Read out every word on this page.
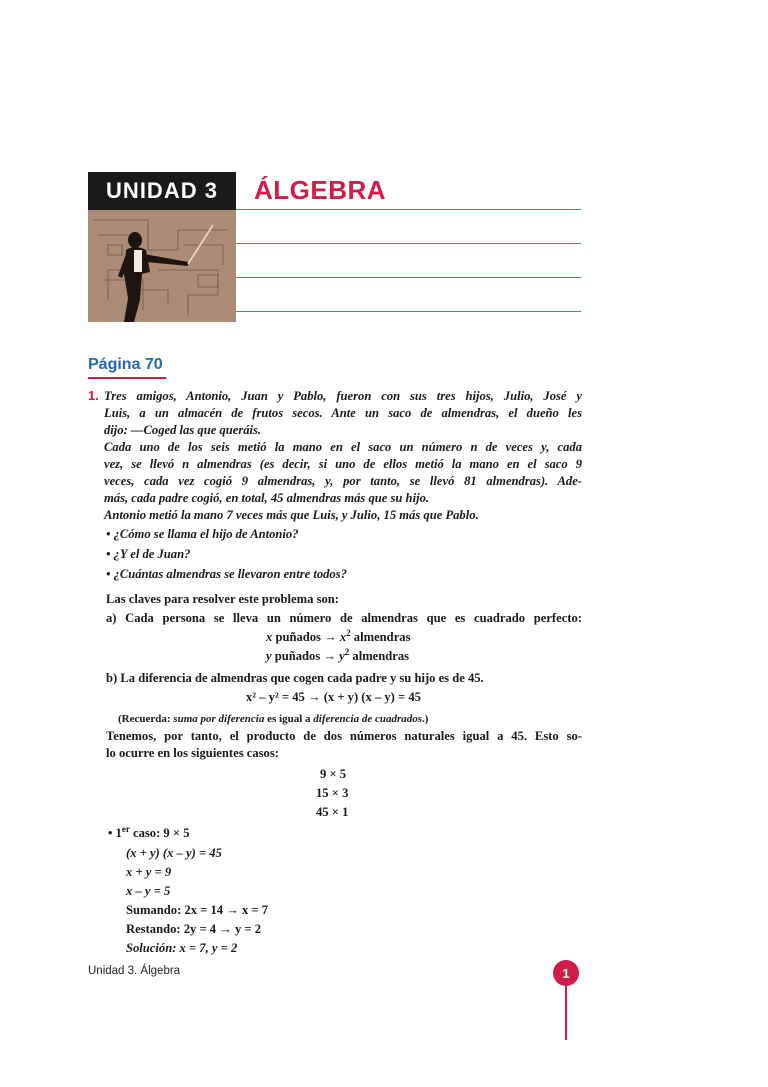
UNIDAD 3 ÁLGEBRA
Página 70
1. Tres amigos, Antonio, Juan y Pablo, fueron con sus tres hijos, Julio, José y
Luis, a un almacén de frutos secos. Ante un saco de almendras, el dueño les
dijo: —Coged las que queráis.
Cada uno de los seis metió la mano en el saco un número n de veces y, cada
vez, se llevó n almendras (es decir, si uno de ellos metió la mano en el saco 9
veces, cada vez cogió 9 almendras, y, por tanto, se llevó 81 almendras). Ade-
más, cada padre cogió, en total, 45 almendras más que su hijo.
Antonio metió la mano 7 veces más que Luis, y Julio, 15 más que Pablo.
• ¿Cómo se llama el hijo de Antonio?
• ¿Y el de Juan?
• ¿Cuántas almendras se llevaron entre todos?
Las claves para resolver este problema son:
a) Cada persona se lleva un número de almendras que es cuadrado perfecto:
x puñados → $x^2$ almendras
y puñados → $y^2$ almendras
b) La diferencia de almendras que cogen cada padre y su hijo es de 45.
x² – y² = 45 → (x + y) (x – y) = 45
(Recuerda: suma por diferencia es igual a diferencia de cuadrados.)
Tenemos, por tanto, el producto de dos números naturales igual a 45. Esto so-
lo ocurre en los siguientes casos:
9 × 5
15 × 3
45 × 1
• 1er caso: 9 × 5
(x + y) (x – y) = 45
x + y = 9
x – y = 5
Sumando: 2x = 14 → x = 7
Restando: 2y = 4 → y = 2
Solución: x = 7, y = 2
Unidad 3. Álgebra	1
